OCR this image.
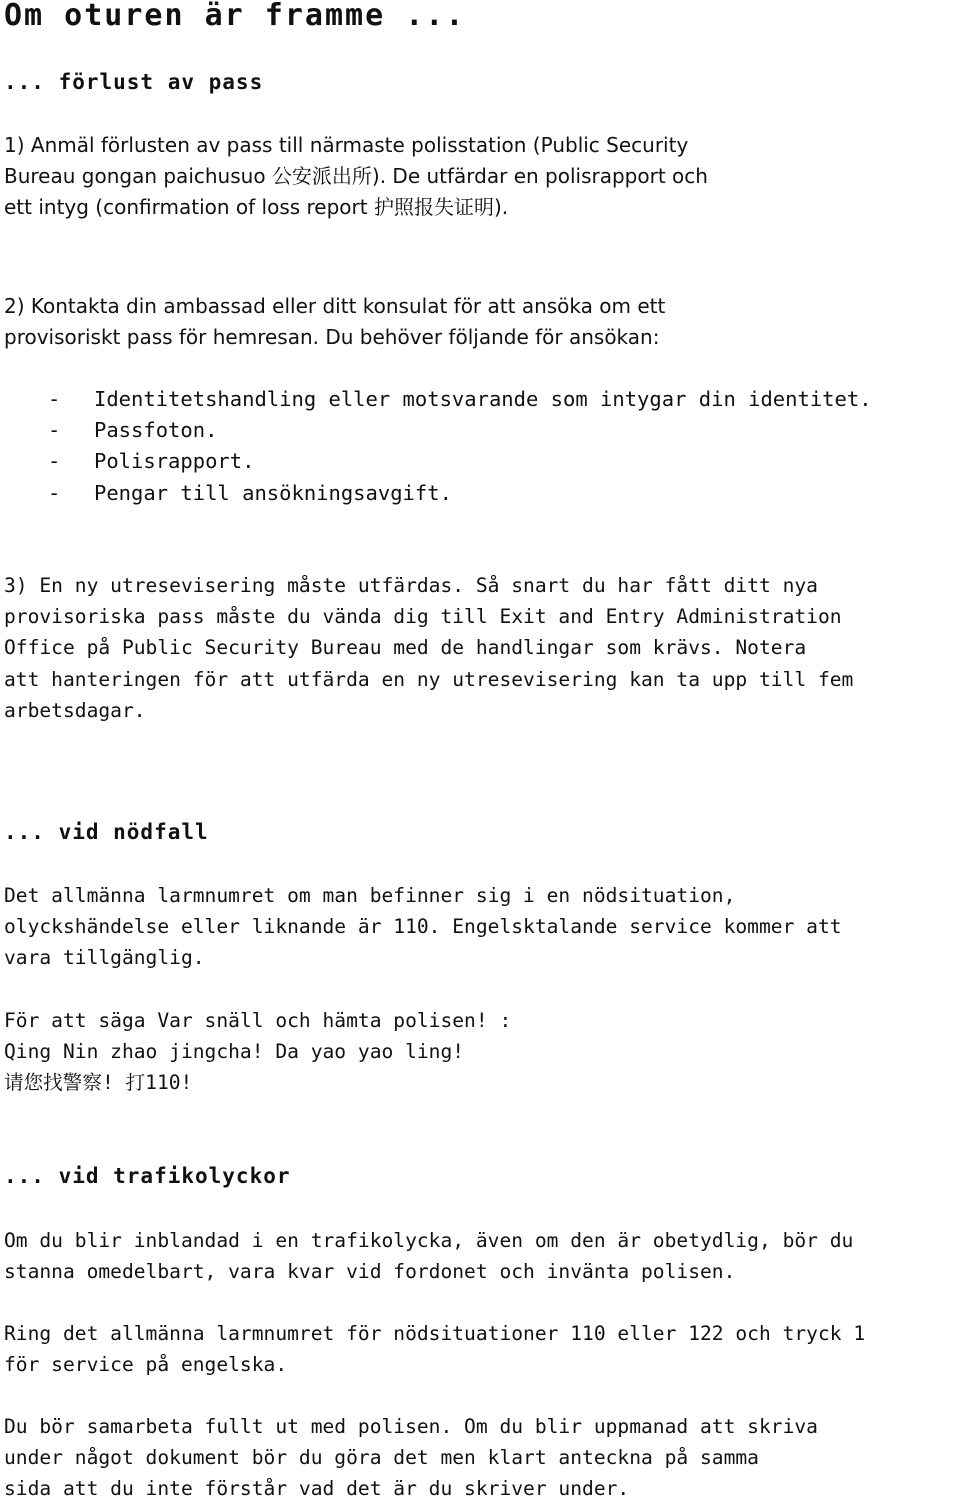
Om oturen är framme ...
... förlust av pass
1) Anmäl förlusten av pass till närmaste polisstation (Public Security
Bureau gongan paichusuo 公安派出所). De utfärdar en polisrapport och
ett intyg (confirmation of loss report 护照报失证明).
2) Kontakta din ambassad eller ditt konsulat för att ansöka om ett
provisoriskt pass för hemresan. Du behöver följande för ansökan:
- Identitetshandling eller motsvarande som intygar din identitet.
- Passfoton.
- Polisrapport.
- Pengar till ansökningsavgift.
3) En ny utresevisering måste utfärdas. Så snart du har fått ditt nya
provisoriska pass måste du vända dig till Exit and Entry Administration
Office på Public Security Bureau med de handlingar som krävs. Notera
att hanteringen för att utfärda en ny utresevisering kan ta upp till fem
arbetsdagar.
... vid nödfall
Det allmänna larmnumret om man befinner sig i en nödsituation,
olyckshändelse eller liknande är 110. Engelsktalande service kommer att
vara tillgänglig.
För att säga Var snäll och hämta polisen! :
Qing Nin zhao jingcha! Da yao yao ling!
请您找警察! 打110!
... vid trafikolyckor
Om du blir inblandad i en trafikolycka, även om den är obetydlig, bör du
stanna omedelbart, vara kvar vid fordonet och invänta polisen.
Ring det allmänna larmnumret för nödsituationer 110 eller 122 och tryck 1
för service på engelska.
Du bör samarbeta fullt ut med polisen. Om du blir uppmanad att skriva
under något dokument bör du göra det men klart anteckna på samma
sida att du inte förstår vad det är du skriver under.
